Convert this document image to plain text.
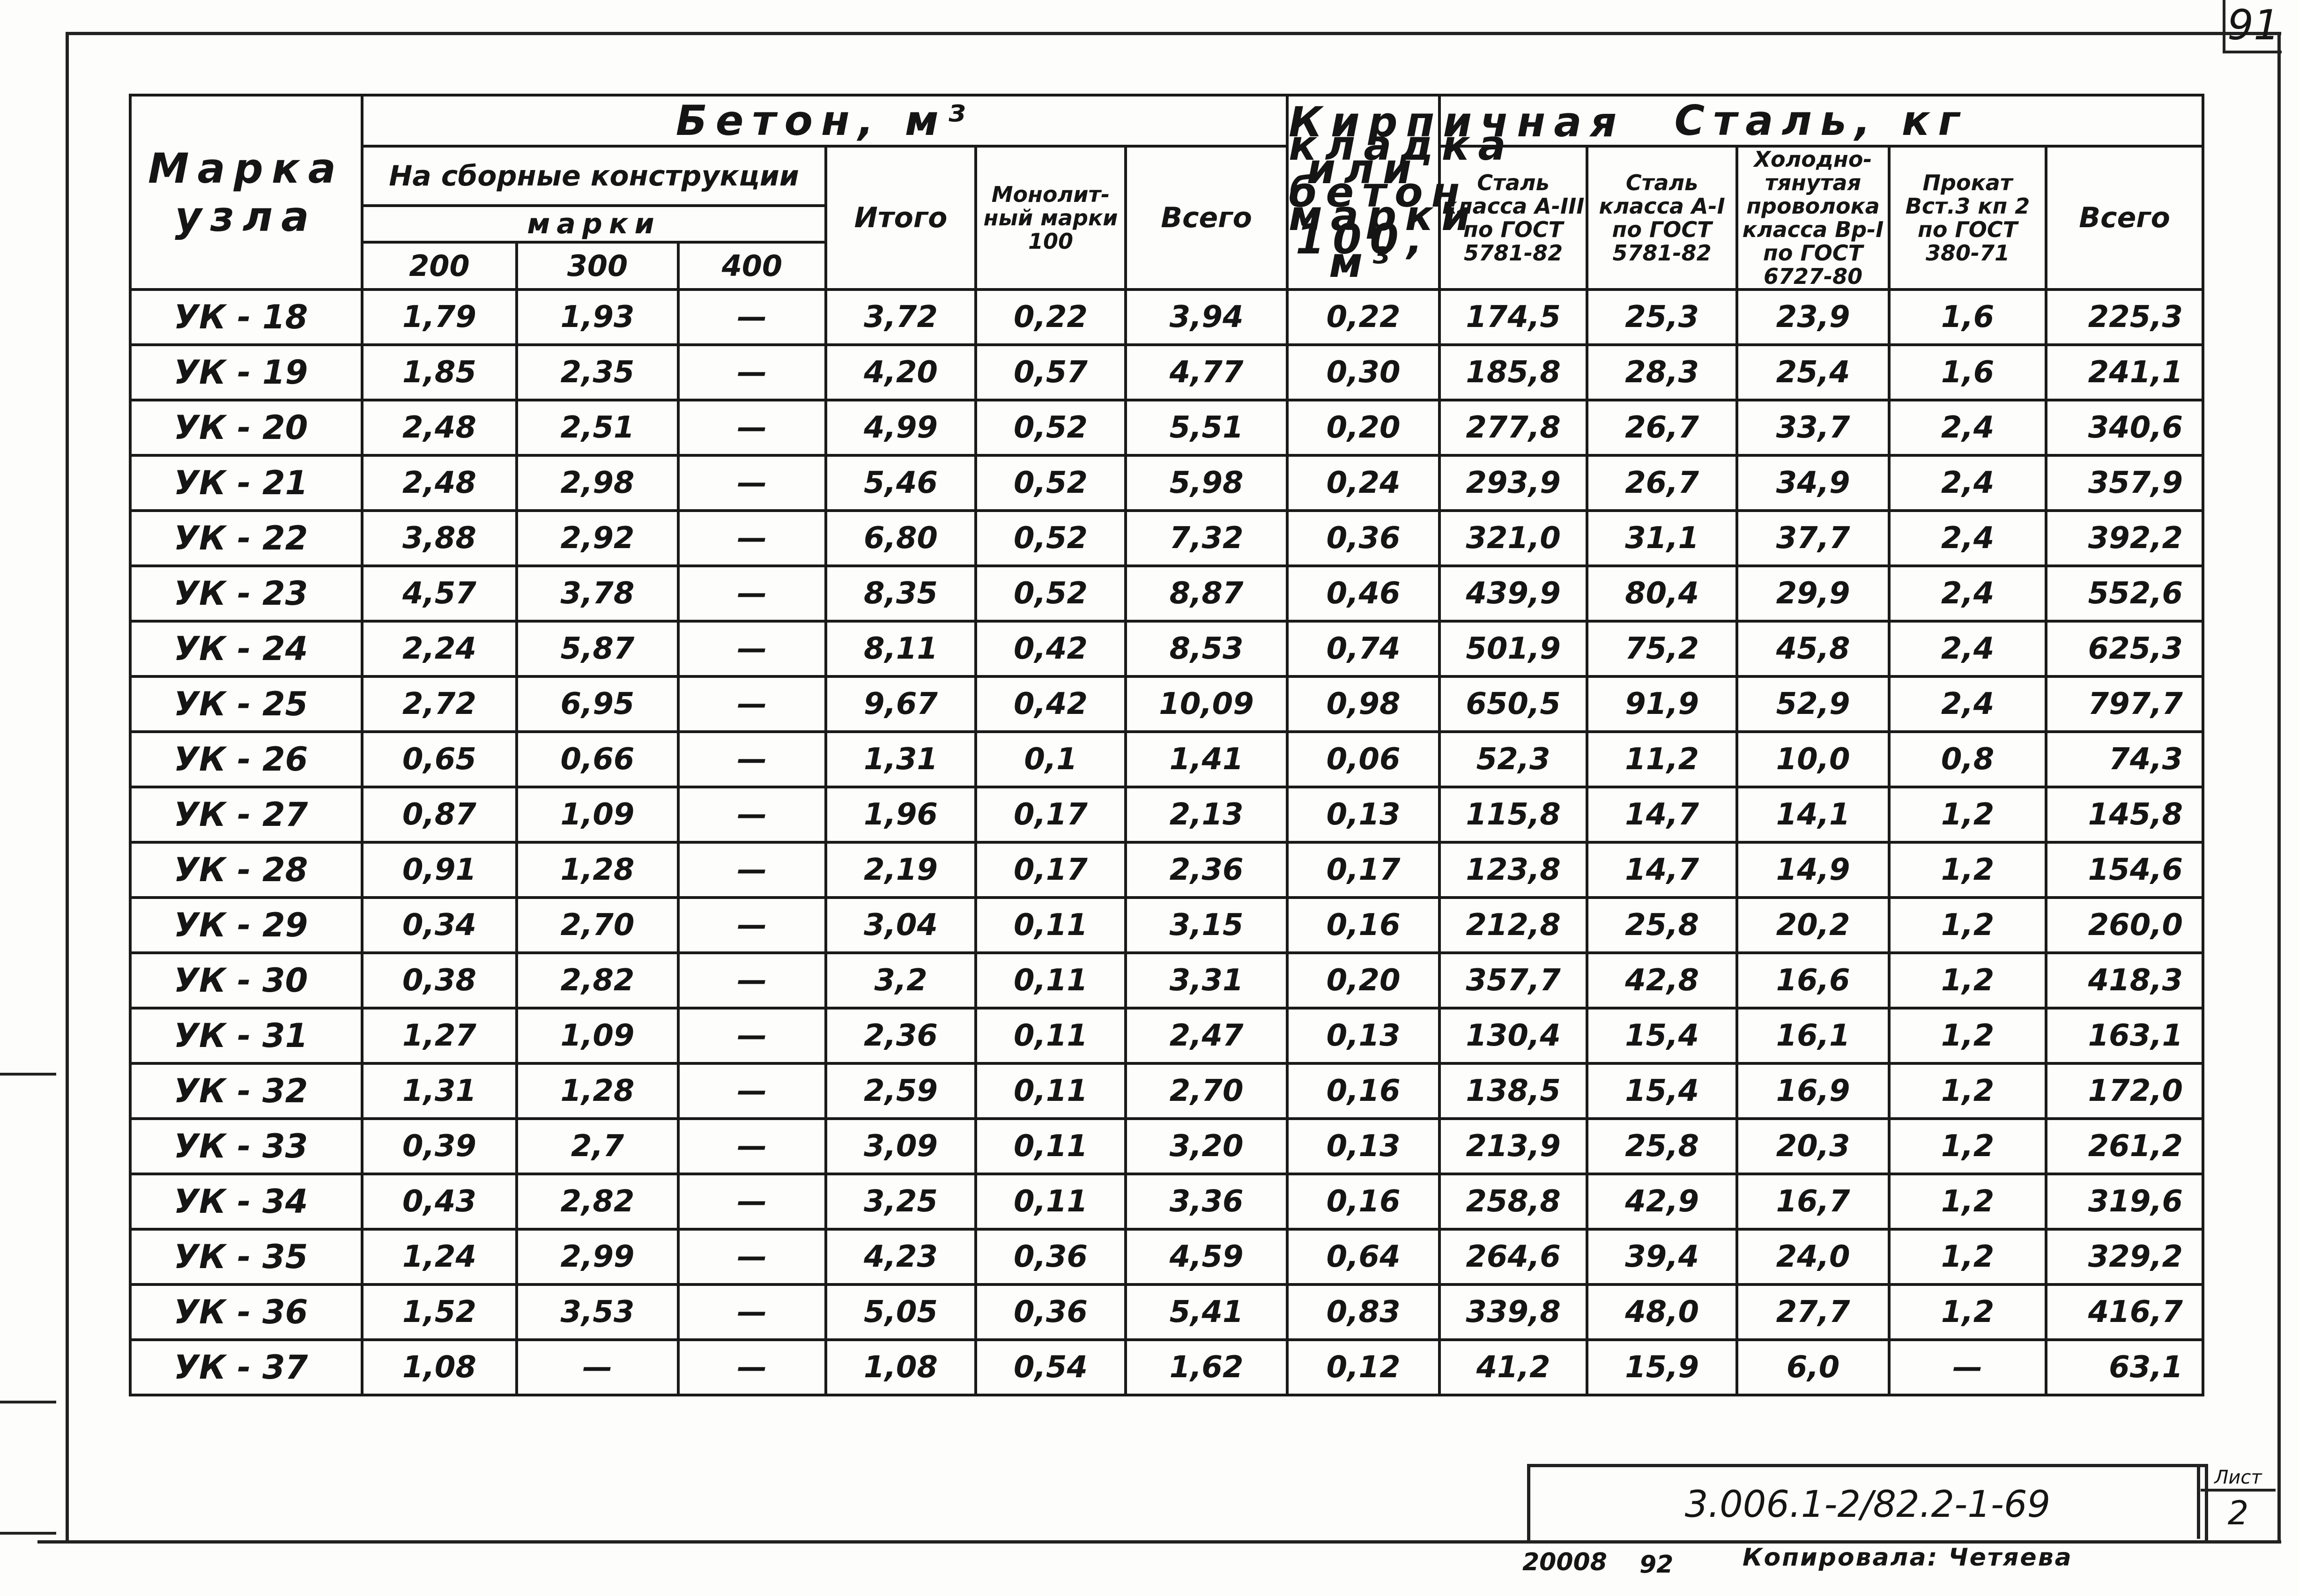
91
Марка узла	Бетон, м³						Кирпичная кладка или бетон марки 100, м³	Сталь, кг				
	На сборные конструкции			Итого	Монолит-ный марки 100	Всего		Сталь класса А-III по ГОСТ 5781-82	Сталь класса А-I по ГОСТ 5781-82	Холодно-тянутая проволока класса Вр-I по ГОСТ 6727-80	Прокат Вст.3 кп 2 по ГОСТ 380-71	Всего
	марки											
	200	300	400									
УК - 18	1,79	1,93	—	3,72	0,22	3,94	0,22	174,5	25,3	23,9	1,6	225,3
УК - 19	1,85	2,35	—	4,20	0,57	4,77	0,30	185,8	28,3	25,4	1,6	241,1
УК - 20	2,48	2,51	—	4,99	0,52	5,51	0,20	277,8	26,7	33,7	2,4	340,6
УК - 21	2,48	2,98	—	5,46	0,52	5,98	0,24	293,9	26,7	34,9	2,4	357,9
УК - 22	3,88	2,92	—	6,80	0,52	7,32	0,36	321,0	31,1	37,7	2,4	392,2
УК - 23	4,57	3,78	—	8,35	0,52	8,87	0,46	439,9	80,4	29,9	2,4	552,6
УК - 24	2,24	5,87	—	8,11	0,42	8,53	0,74	501,9	75,2	45,8	2,4	625,3
УК - 25	2,72	6,95	—	9,67	0,42	10,09	0,98	650,5	91,9	52,9	2,4	797,7
УК - 26	0,65	0,66	—	1,31	0,1	1,41	0,06	52,3	11,2	10,0	0,8	74,3
УК - 27	0,87	1,09	—	1,96	0,17	2,13	0,13	115,8	14,7	14,1	1,2	145,8
УК - 28	0,91	1,28	—	2,19	0,17	2,36	0,17	123,8	14,7	14,9	1,2	154,6
УК - 29	0,34	2,70	—	3,04	0,11	3,15	0,16	212,8	25,8	20,2	1,2	260,0
УК - 30	0,38	2,82	—	3,2	0,11	3,31	0,20	357,7	42,8	16,6	1,2	418,3
УК - 31	1,27	1,09	—	2,36	0,11	2,47	0,13	130,4	15,4	16,1	1,2	163,1
УК - 32	1,31	1,28	—	2,59	0,11	2,70	0,16	138,5	15,4	16,9	1,2	172,0
УК - 33	0,39	2,7	—	3,09	0,11	3,20	0,13	213,9	25,8	20,3	1,2	261,2
УК - 34	0,43	2,82	—	3,25	0,11	3,36	0,16	258,8	42,9	16,7	1,2	319,6
УК - 35	1,24	2,99	—	4,23	0,36	4,59	0,64	264,6	39,4	24,0	1,2	329,2
УК - 36	1,52	3,53	—	5,05	0,36	5,41	0,83	339,8	48,0	27,7	1,2	416,7
УК - 37	1,08	—	—	1,08	0,54	1,62	0,12	41,2	15,9	6,0	—	63,1
3.006.1-2/82.2-1-69
Лист
2
20008 92	Копировала: Четяева
